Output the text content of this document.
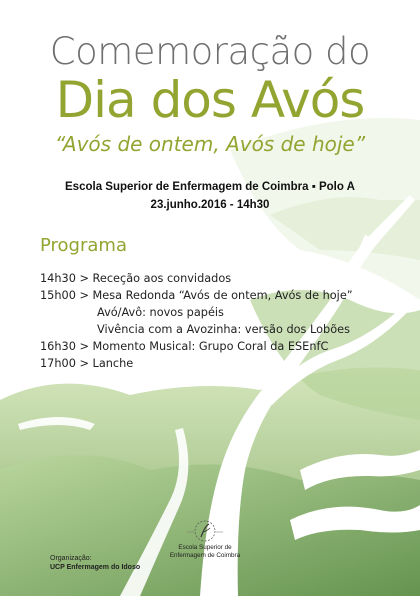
Comemoração do
Dia dos Avós
“Avós de ontem, Avós de hoje”
Escola Superior de Enfermagem de Coimbra ▪ Polo A
23.junho.2016 - 14h30
Programa
14h30 > Receção aos convidados
15h00 > Mesa Redonda “Avós de ontem, Avós de hoje”
Avó/Avô: novos papéis
Vivência com a Avozinha: versão dos Lobões
16h30 > Momento Musical: Grupo Coral da ESEnfC
17h00 > Lanche
Organização:
UCP Enfermagem do Idoso
Escola Superior de
Enfermagem de Coimbra
